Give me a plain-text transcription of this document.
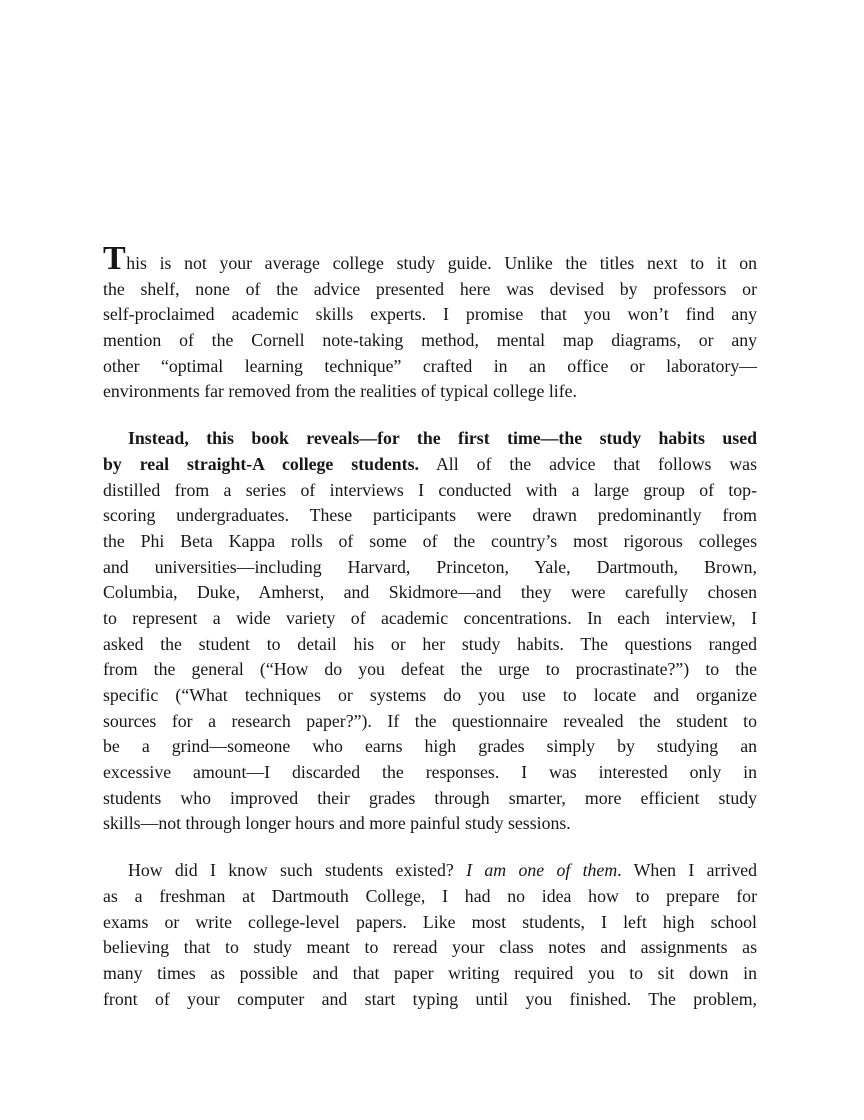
This is not your average college study guide. Unlike the titles next to it on
the shelf, none of the advice presented here was devised by professors or
self-proclaimed academic skills experts. I promise that you won’t find any
mention of the Cornell note-taking method, mental map diagrams, or any
other “optimal learning technique” crafted in an office or laboratory—
environments far removed from the realities of typical college life.
Instead, this book reveals—for the first time—the study habits used
by real straight-A college students. All of the advice that follows was
distilled from a series of interviews I conducted with a large group of top-
scoring undergraduates. These participants were drawn predominantly from
the Phi Beta Kappa rolls of some of the country’s most rigorous colleges
and universities—including Harvard, Princeton, Yale, Dartmouth, Brown,
Columbia, Duke, Amherst, and Skidmore—and they were carefully chosen
to represent a wide variety of academic concentrations. In each interview, I
asked the student to detail his or her study habits. The questions ranged
from the general (“How do you defeat the urge to procrastinate?”) to the
specific (“What techniques or systems do you use to locate and organize
sources for a research paper?”). If the questionnaire revealed the student to
be a grind—someone who earns high grades simply by studying an
excessive amount—I discarded the responses. I was interested only in
students who improved their grades through smarter, more efficient study
skills—not through longer hours and more painful study sessions.
How did I know such students existed? I am one of them. When I arrived
as a freshman at Dartmouth College, I had no idea how to prepare for
exams or write college-level papers. Like most students, I left high school
believing that to study meant to reread your class notes and assignments as
many times as possible and that paper writing required you to sit down in
front of your computer and start typing until you finished. The problem,
